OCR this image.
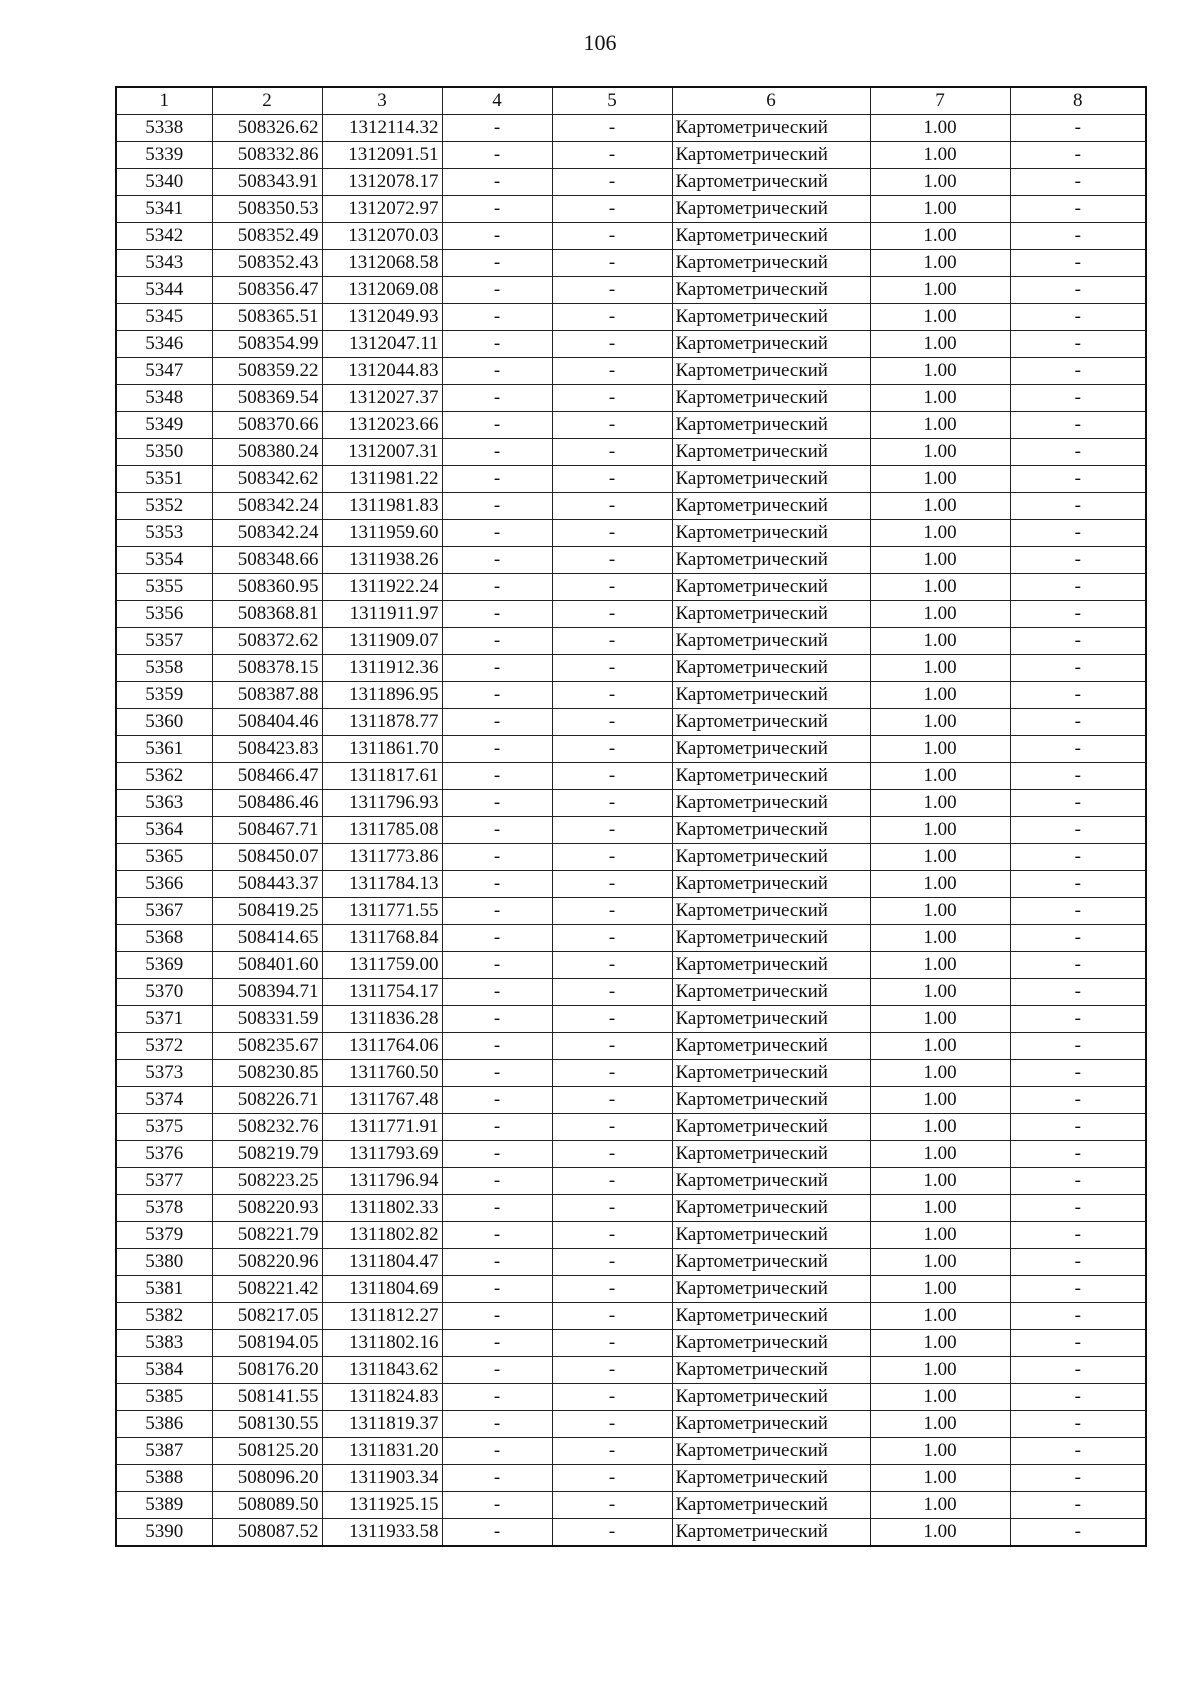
106
1	2	3	4	5	6	7	8
5338	508326.62	1312114.32	-	-	Картометрический	1.00	-
5339	508332.86	1312091.51	-	-	Картометрический	1.00	-
5340	508343.91	1312078.17	-	-	Картометрический	1.00	-
5341	508350.53	1312072.97	-	-	Картометрический	1.00	-
5342	508352.49	1312070.03	-	-	Картометрический	1.00	-
5343	508352.43	1312068.58	-	-	Картометрический	1.00	-
5344	508356.47	1312069.08	-	-	Картометрический	1.00	-
5345	508365.51	1312049.93	-	-	Картометрический	1.00	-
5346	508354.99	1312047.11	-	-	Картометрический	1.00	-
5347	508359.22	1312044.83	-	-	Картометрический	1.00	-
5348	508369.54	1312027.37	-	-	Картометрический	1.00	-
5349	508370.66	1312023.66	-	-	Картометрический	1.00	-
5350	508380.24	1312007.31	-	-	Картометрический	1.00	-
5351	508342.62	1311981.22	-	-	Картометрический	1.00	-
5352	508342.24	1311981.83	-	-	Картометрический	1.00	-
5353	508342.24	1311959.60	-	-	Картометрический	1.00	-
5354	508348.66	1311938.26	-	-	Картометрический	1.00	-
5355	508360.95	1311922.24	-	-	Картометрический	1.00	-
5356	508368.81	1311911.97	-	-	Картометрический	1.00	-
5357	508372.62	1311909.07	-	-	Картометрический	1.00	-
5358	508378.15	1311912.36	-	-	Картометрический	1.00	-
5359	508387.88	1311896.95	-	-	Картометрический	1.00	-
5360	508404.46	1311878.77	-	-	Картометрический	1.00	-
5361	508423.83	1311861.70	-	-	Картометрический	1.00	-
5362	508466.47	1311817.61	-	-	Картометрический	1.00	-
5363	508486.46	1311796.93	-	-	Картометрический	1.00	-
5364	508467.71	1311785.08	-	-	Картометрический	1.00	-
5365	508450.07	1311773.86	-	-	Картометрический	1.00	-
5366	508443.37	1311784.13	-	-	Картометрический	1.00	-
5367	508419.25	1311771.55	-	-	Картометрический	1.00	-
5368	508414.65	1311768.84	-	-	Картометрический	1.00	-
5369	508401.60	1311759.00	-	-	Картометрический	1.00	-
5370	508394.71	1311754.17	-	-	Картометрический	1.00	-
5371	508331.59	1311836.28	-	-	Картометрический	1.00	-
5372	508235.67	1311764.06	-	-	Картометрический	1.00	-
5373	508230.85	1311760.50	-	-	Картометрический	1.00	-
5374	508226.71	1311767.48	-	-	Картометрический	1.00	-
5375	508232.76	1311771.91	-	-	Картометрический	1.00	-
5376	508219.79	1311793.69	-	-	Картометрический	1.00	-
5377	508223.25	1311796.94	-	-	Картометрический	1.00	-
5378	508220.93	1311802.33	-	-	Картометрический	1.00	-
5379	508221.79	1311802.82	-	-	Картометрический	1.00	-
5380	508220.96	1311804.47	-	-	Картометрический	1.00	-
5381	508221.42	1311804.69	-	-	Картометрический	1.00	-
5382	508217.05	1311812.27	-	-	Картометрический	1.00	-
5383	508194.05	1311802.16	-	-	Картометрический	1.00	-
5384	508176.20	1311843.62	-	-	Картометрический	1.00	-
5385	508141.55	1311824.83	-	-	Картометрический	1.00	-
5386	508130.55	1311819.37	-	-	Картометрический	1.00	-
5387	508125.20	1311831.20	-	-	Картометрический	1.00	-
5388	508096.20	1311903.34	-	-	Картометрический	1.00	-
5389	508089.50	1311925.15	-	-	Картометрический	1.00	-
5390	508087.52	1311933.58	-	-	Картометрический	1.00	-
